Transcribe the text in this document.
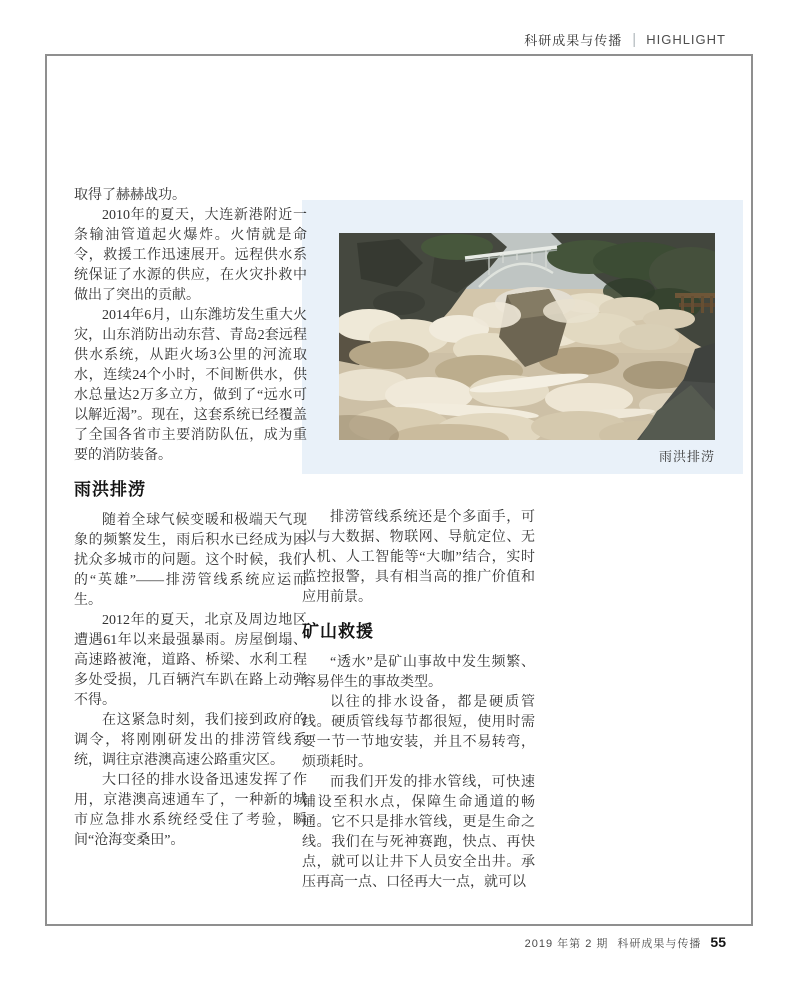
科研成果与传播 | HIGHLIGHT
雨洪排涝

取得了赫赫战功。

2010年的夏天，大连新港附近一条输油管道起火爆炸。火情就是命令，救援工作迅速展开。远程供水系统保证了水源的供应，在火灾扑救中做出了突出的贡献。

2014年6月，山东潍坊发生重大火灾，山东消防出动东营、青岛2套远程供水系统，从距火场3公里的河流取水，连续24个小时，不间断供水，供水总量达2万多立方，做到了“远水可以解近渴”。现在，这套系统已经覆盖了全国各省市主要消防队伍，成为重要的消防装备。

雨洪排涝

随着全球气候变暖和极端天气现象的频繁发生，雨后积水已经成为困扰众多城市的问题。这个时候，我们的“英雄”——排涝管线系统应运而生。

2012年的夏天，北京及周边地区遭遇61年以来最强暴雨。房屋倒塌、高速路被淹，道路、桥梁、水利工程多处受损，几百辆汽车趴在路上动弹不得。

在这紧急时刻，我们接到政府的调令，将刚刚研发出的排涝管线系统，调往京港澳高速公路重灾区。

大口径的排水设备迅速发挥了作用，京港澳高速通车了，一种新的城市应急排水系统经受住了考验，瞬间“沧海变桑田”。

排涝管线系统还是个多面手，可以与大数据、物联网、导航定位、无人机、人工智能等“大咖”结合，实时监控报警，具有相当高的推广价值和应用前景。

矿山救援

“透水”是矿山事故中发生频繁、容易伴生的事故类型。

以往的排水设备，都是硬质管线。硬质管线每节都很短，使用时需要一节一节地安装，并且不易转弯，烦琐耗时。

而我们开发的排水管线，可快速铺设至积水点，保障生命通道的畅通。它不只是排水管线，更是生命之线。我们在与死神赛跑，快点、再快点，就可以让井下人员安全出井。承压再高一点、口径再大一点，就可以

2019 年第 2 期 科研成果与传播 55
